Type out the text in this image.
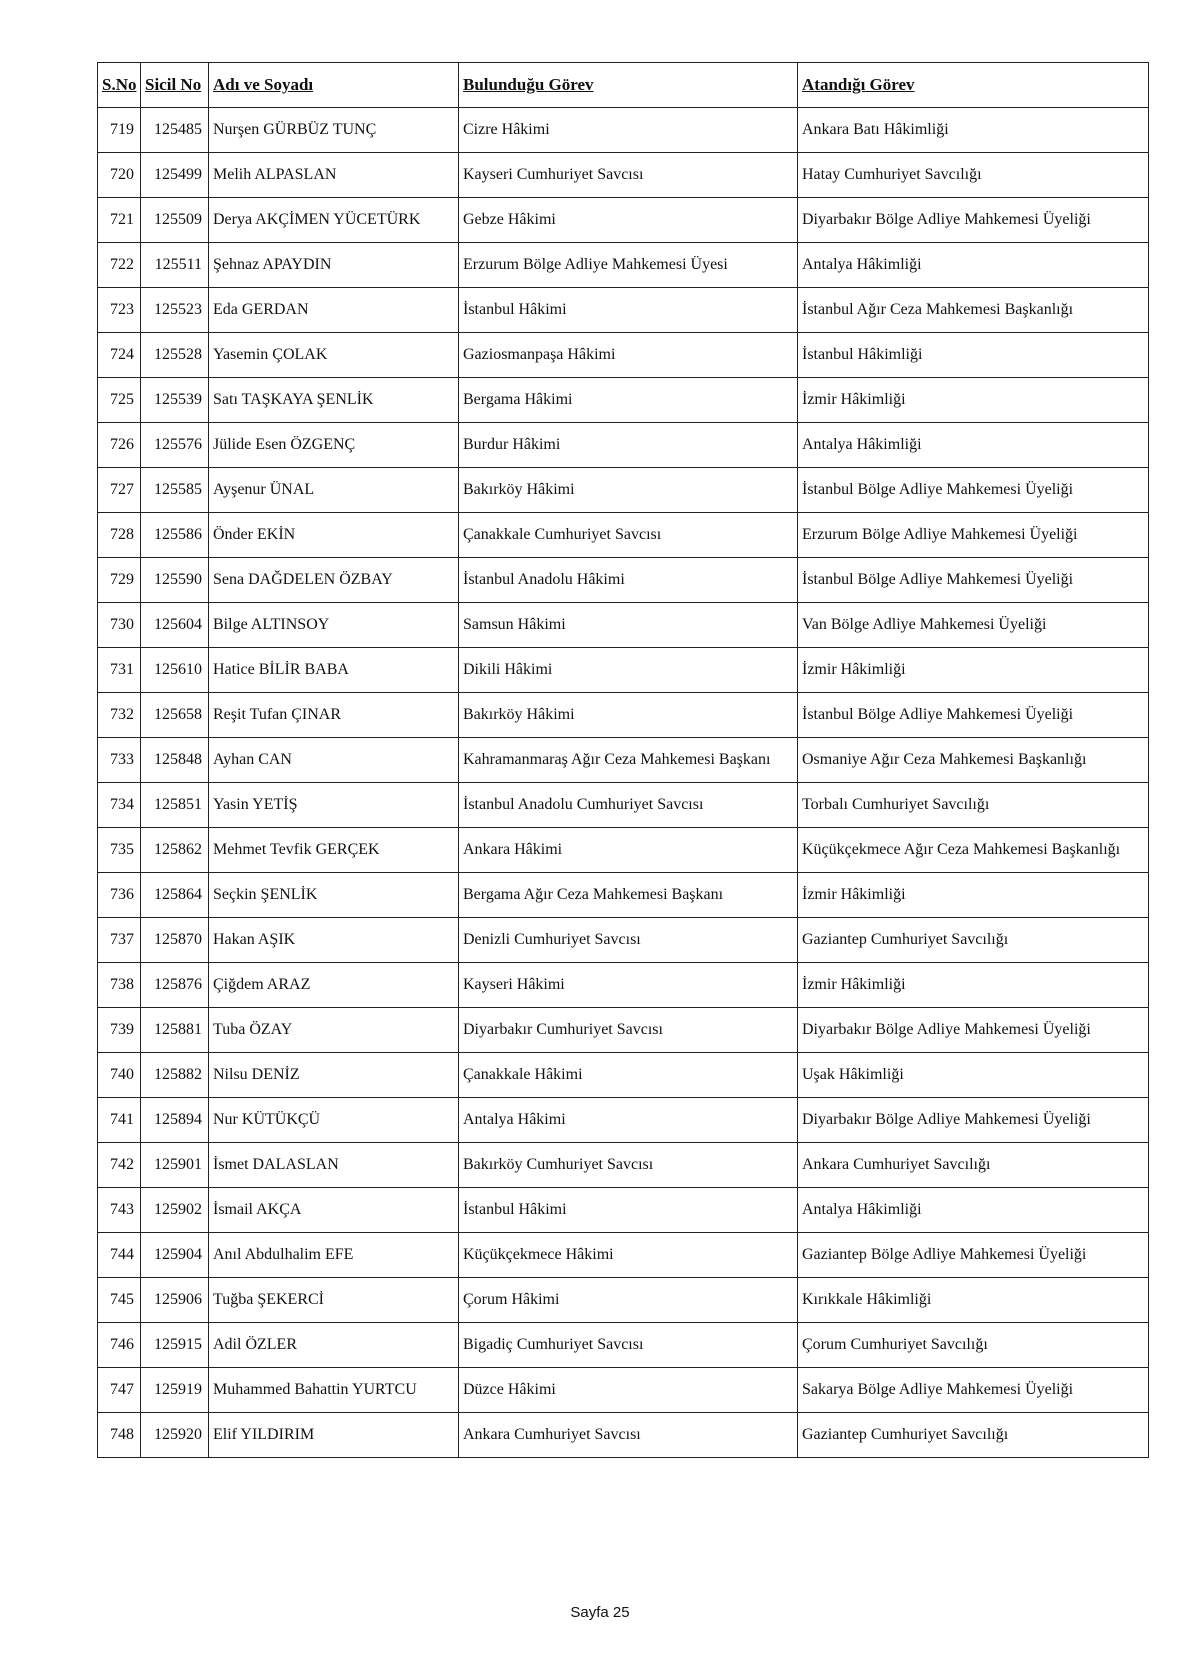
S.No	Sicil No	Adı ve Soyadı	Bulunduğu Görev	Atandığı Görev
719	125485	Nurşen GÜRBÜZ TUNÇ	Cizre Hâkimi	Ankara Batı Hâkimliği
720	125499	Melih ALPASLAN	Kayseri Cumhuriyet Savcısı	Hatay Cumhuriyet Savcılığı
721	125509	Derya AKÇİMEN YÜCETÜRK	Gebze Hâkimi	Diyarbakır Bölge Adliye Mahkemesi Üyeliği
722	125511	Şehnaz APAYDIN	Erzurum Bölge Adliye Mahkemesi Üyesi	Antalya Hâkimliği
723	125523	Eda GERDAN	İstanbul Hâkimi	İstanbul Ağır Ceza Mahkemesi Başkanlığı
724	125528	Yasemin ÇOLAK	Gaziosmanpaşa Hâkimi	İstanbul Hâkimliği
725	125539	Satı TAŞKAYA ŞENLİK	Bergama Hâkimi	İzmir Hâkimliği
726	125576	Jülide Esen ÖZGENÇ	Burdur Hâkimi	Antalya Hâkimliği
727	125585	Ayşenur ÜNAL	Bakırköy Hâkimi	İstanbul Bölge Adliye Mahkemesi Üyeliği
728	125586	Önder EKİN	Çanakkale Cumhuriyet Savcısı	Erzurum Bölge Adliye Mahkemesi Üyeliği
729	125590	Sena DAĞDELEN ÖZBAY	İstanbul Anadolu Hâkimi	İstanbul Bölge Adliye Mahkemesi Üyeliği
730	125604	Bilge ALTINSOY	Samsun Hâkimi	Van Bölge Adliye Mahkemesi Üyeliği
731	125610	Hatice BİLİR BABA	Dikili Hâkimi	İzmir Hâkimliği
732	125658	Reşit Tufan ÇINAR	Bakırköy Hâkimi	İstanbul Bölge Adliye Mahkemesi Üyeliği
733	125848	Ayhan CAN	Kahramanmaraş Ağır Ceza Mahkemesi Başkanı	Osmaniye Ağır Ceza Mahkemesi Başkanlığı
734	125851	Yasin YETİŞ	İstanbul Anadolu Cumhuriyet Savcısı	Torbalı Cumhuriyet Savcılığı
735	125862	Mehmet Tevfik GERÇEK	Ankara Hâkimi	Küçükçekmece Ağır Ceza Mahkemesi Başkanlığı
736	125864	Seçkin ŞENLİK	Bergama Ağır Ceza Mahkemesi Başkanı	İzmir Hâkimliği
737	125870	Hakan AŞIK	Denizli Cumhuriyet Savcısı	Gaziantep Cumhuriyet Savcılığı
738	125876	Çiğdem ARAZ	Kayseri Hâkimi	İzmir Hâkimliği
739	125881	Tuba ÖZAY	Diyarbakır Cumhuriyet Savcısı	Diyarbakır Bölge Adliye Mahkemesi Üyeliği
740	125882	Nilsu DENİZ	Çanakkale Hâkimi	Uşak Hâkimliği
741	125894	Nur KÜTÜKÇÜ	Antalya Hâkimi	Diyarbakır Bölge Adliye Mahkemesi Üyeliği
742	125901	İsmet DALASLAN	Bakırköy Cumhuriyet Savcısı	Ankara Cumhuriyet Savcılığı
743	125902	İsmail AKÇA	İstanbul Hâkimi	Antalya Hâkimliği
744	125904	Anıl Abdulhalim EFE	Küçükçekmece Hâkimi	Gaziantep Bölge Adliye Mahkemesi Üyeliği
745	125906	Tuğba ŞEKERCİ	Çorum Hâkimi	Kırıkkale Hâkimliği
746	125915	Adil ÖZLER	Bigadiç Cumhuriyet Savcısı	Çorum Cumhuriyet Savcılığı
747	125919	Muhammed Bahattin YURTCU	Düzce Hâkimi	Sakarya Bölge Adliye Mahkemesi Üyeliği
748	125920	Elif YILDIRIM	Ankara Cumhuriyet Savcısı	Gaziantep Cumhuriyet Savcılığı
Sayfa 25
